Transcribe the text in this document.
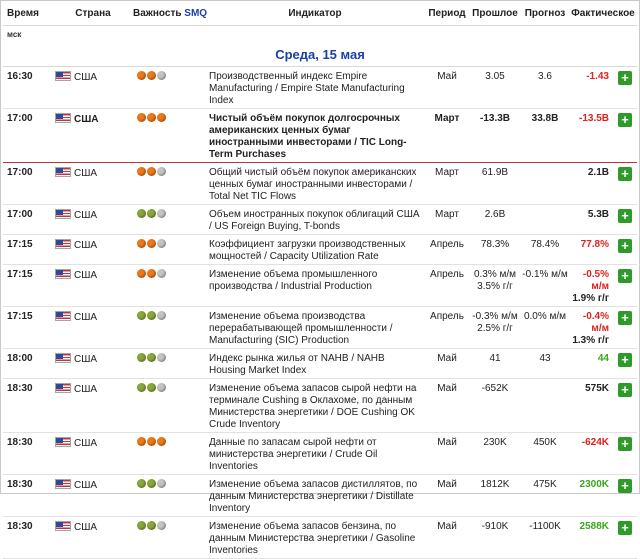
Время	Страна	Важность SMQ	Индикатор	Период	Прошлое	Прогноз	Фактическое	
мск								
Среда, 15 мая								
16:30	США		Производственный индекс Empire Manufacturing / Empire State Manufacturing Index	Май	3.05	3.6	-1.43	+
17:00	США		Чистый объём покупок долгосрочных американских ценных бумаг иностранными инвесторами / TIC Long-Term Purchases	Март	-13.3B	33.8B	-13.5B	+
17:00	США		Общий чистый объём покупок американских ценных бумаг иностранными инвесторами / Total Net TIC Flows	Март	61.9B		2.1B	+
17:00	США		Объем иностранных покупок облигаций США / US Foreign Buying, T-bonds	Март	2.6B		5.3B	+
17:15	США		Коэффициент загрузки производственных мощностей / Capacity Utilization Rate	Апрель	78.3%	78.4%	77.8%	+
17:15	США		Изменение объема промышленного производства / Industrial Production	Апрель	0.3% м/м 3.5% г/г	-0.1% м/м	-0.5% м/м
1.9% г/г	+
17:15	США		Изменение объема производства перерабатывающей промышленности / Manufacturing (SIC) Production	Апрель	-0.3% м/м 2.5% г/г	0.0% м/м	-0.4% м/м
1.3% г/г	+
18:00	США		Индекс рынка жилья от NAHB / NAHB Housing Market Index	Май	41	43	44	+
18:30	США		Изменение объема запасов сырой нефти на терминале Cushing в Оклахоме, по данным Министерства энергетики / DOE Cushing OK Crude Inventory	Май	-652K		575K	+
18:30	США		Данные по запасам сырой нефти от министерства энергетики / Crude Oil Inventories	Май	230K	450K	-624K	+
18:30	США		Изменение объема запасов дистиллятов, по данным Министерства энергетики / Distillate Inventory	Май	1812K	475K	2300K	+
18:30	США		Изменение объема запасов бензина, по данным Министерства энергетики / Gasoline Inventories	Май	-910K	-1100K	2588K	+
